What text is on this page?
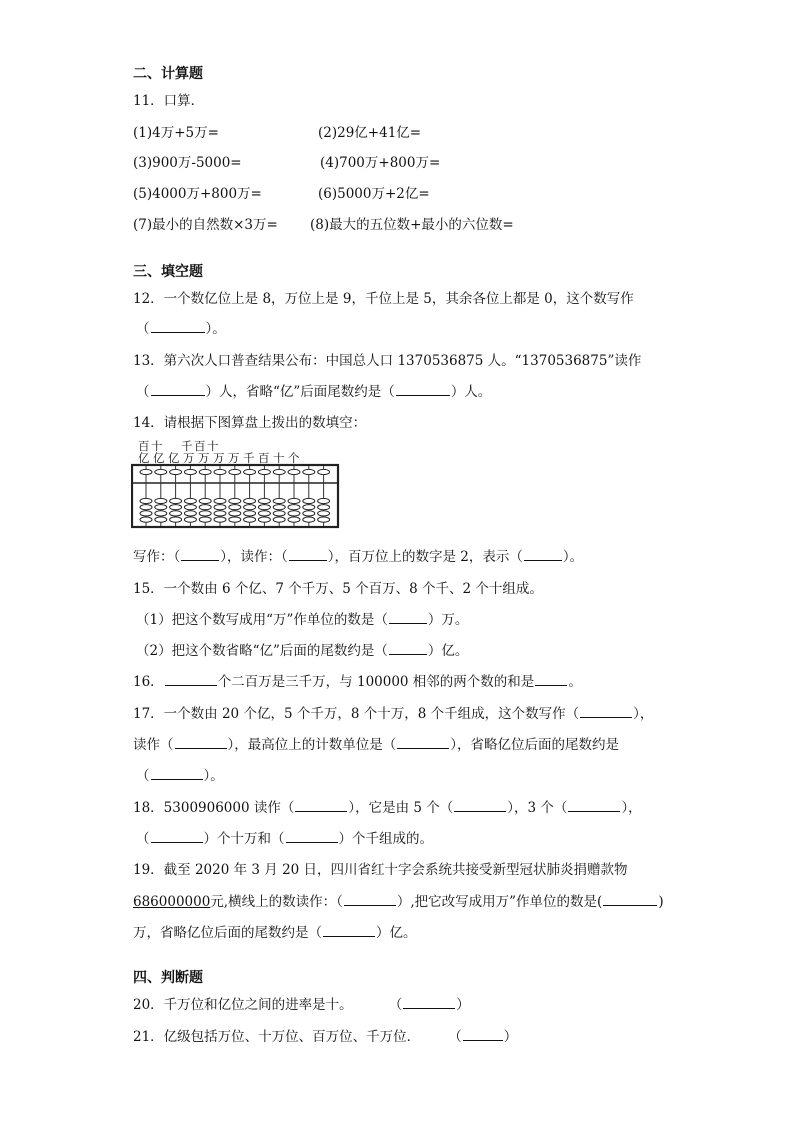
二、计算题
11．口算．
(1)4万+5万=	(2)29亿+41亿=
(3)900万-5000=	(4)700万+800万=
(5)4000万+800万=	(6)5000万+2亿=
(7)最小的自然数×3万= (8)最大的五位数+最小的六位数=
三、填空题
12．一个数亿位上是 8，万位上是 9，千位上是 5，其余各位上都是 0，这个数写作
（	）。
13．第六次人口普查结果公布：中国总人口 1370536875 人。“1370536875”读作
（	）人，省略“亿”后面尾数约是（	）人。
14．请根据下图算盘上拨出的数填空：
百 十 千 百 十
亿 亿 亿 万 万 万 万 千 百 十 个
写作：（	），读作：（	），百万位上的数字是 2，表示（	）。
15．一个数由 6 个亿、7 个千万、5 个百万、8 个千、2 个十组成。
（1）把这个数写成用“万”作单位的数是（	）万。
（2）把这个数省略“亿”后面的尾数约是（	）亿。
16．	个二百万是三千万，与 100000 相邻的两个数的和是	。
17．一个数由 20 个亿，5 个千万，8 个十万，8 个千组成，这个数写作（	），
读作（	），最高位上的计数单位是（	），省略亿位后面的尾数约是
（	）。
18．5300906000 读作（	），它是由 5 个（	），3 个（	），
（	）个十万和（	）个千组成的。
19．截至 2020 年 3 月 20 日，四川省红十字会系统共接受新型冠状肺炎捐赠款物
686000000元,横线上的数读作：（	）,把它改写成用万”作单位的数是(	)
万，省略亿位后面的尾数约是（	）亿。
四、判断题
20．千万位和亿位之间的进率是十。	（	）
21．亿级包括万位、十万位、百万位、千万位． （	）
